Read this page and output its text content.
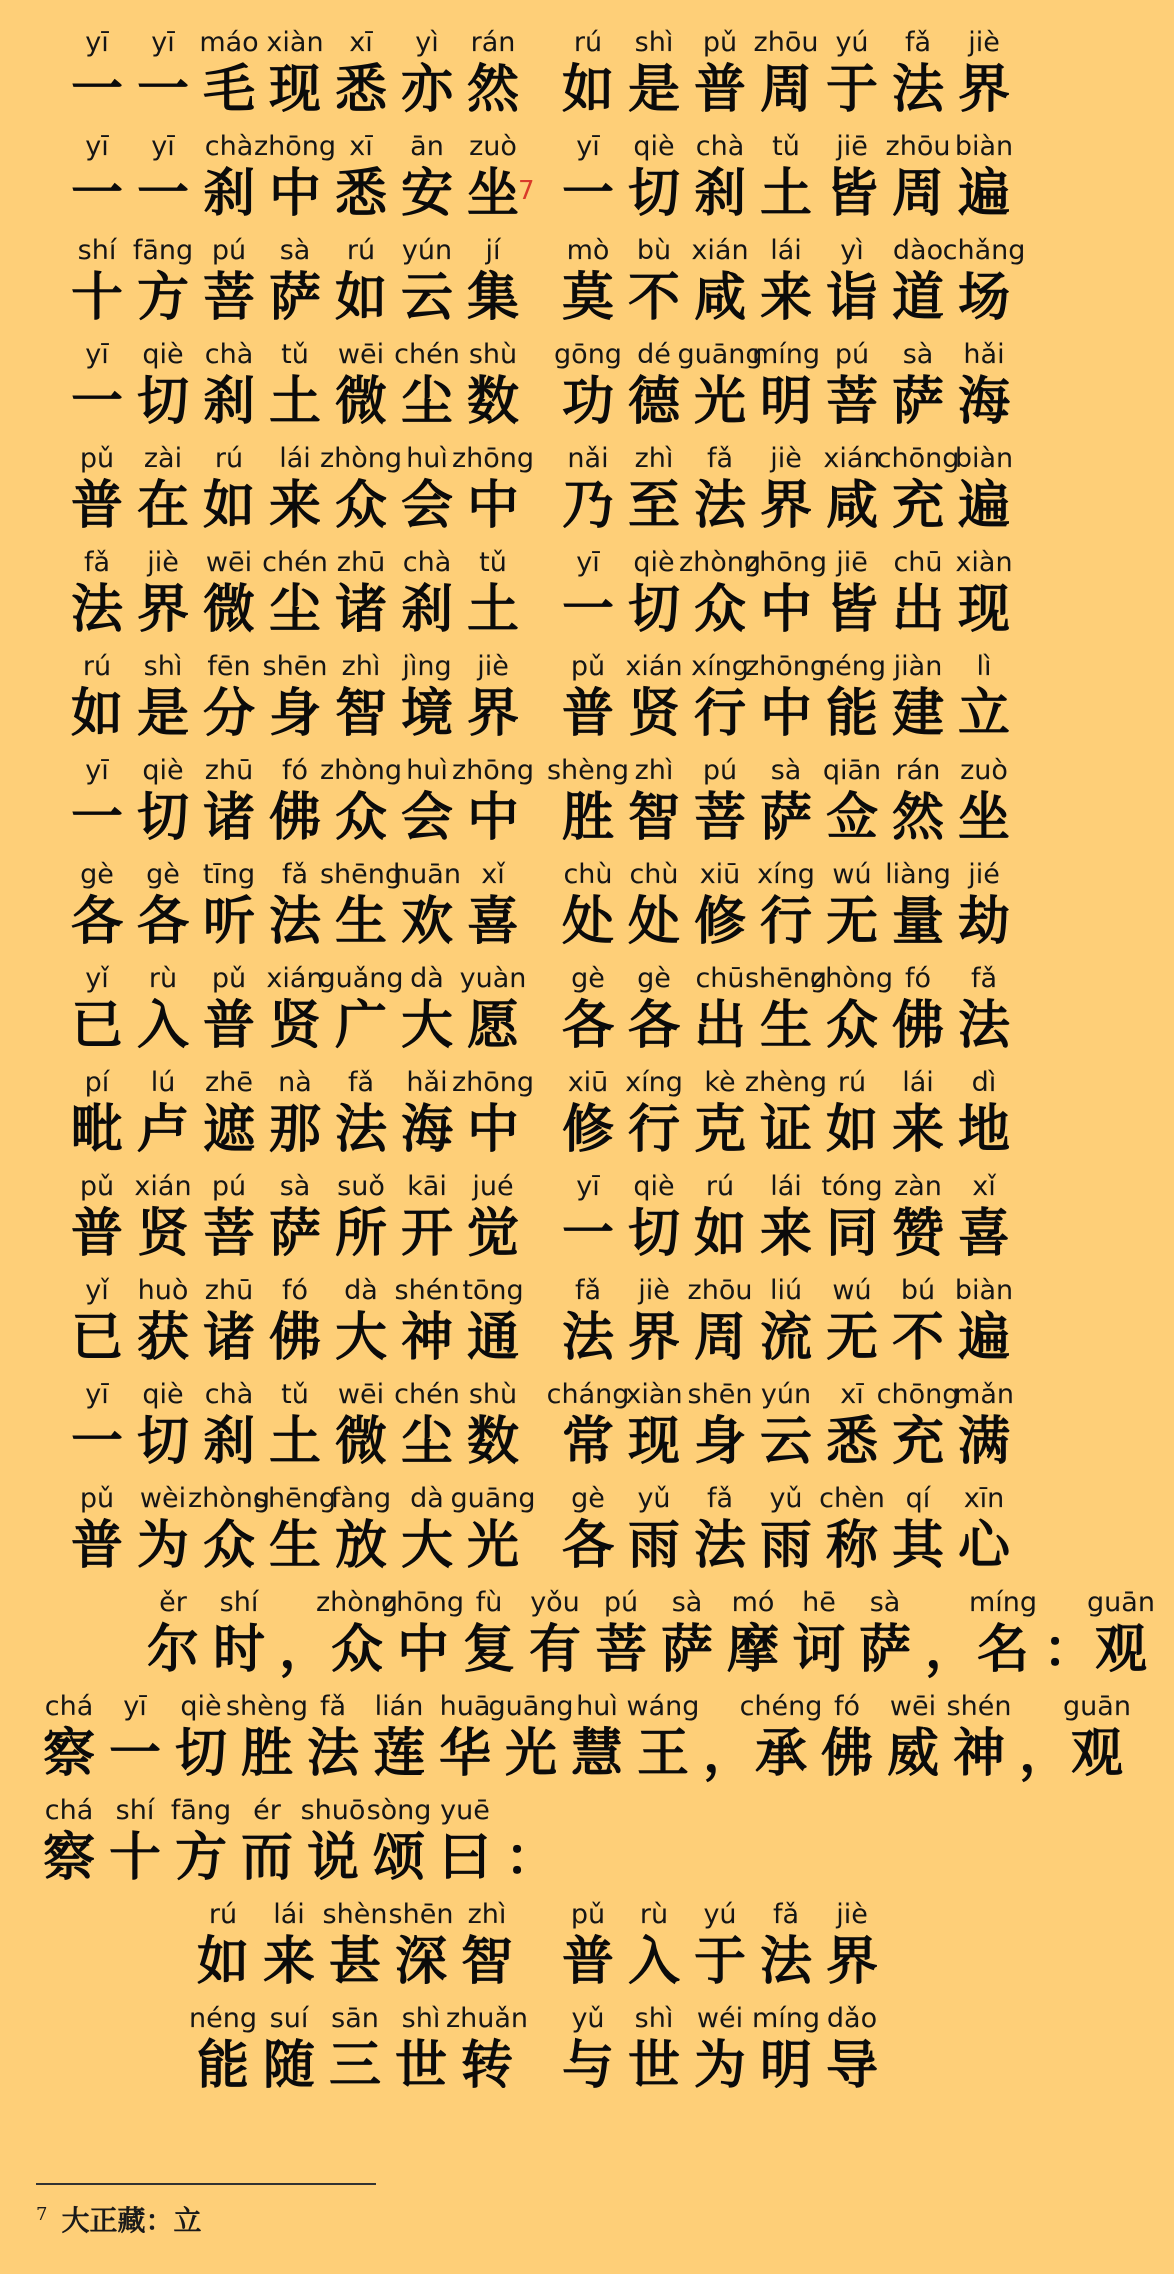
yī
一
yī
一
máo
毛
xiàn
现
xī
悉
yì
亦
rán
然
rú
如
shì
是
pǔ
普
zhōu
周
yú
于
fǎ
法
jiè
界
yī
一
yī
一
chà
刹
zhōng
中
xī
悉
ān
安
zuò
坐
yī
一
qiè
切
chà
刹
tǔ
土
jiē
皆
zhōu
周
biàn
遍
7
shí
十
fāng
方
pú
菩
sà
萨
rú
如
yún
云
jí
集
mò
莫
bù
不
xián
咸
lái
来
yì
诣
dào
道
chǎng
场
yī
一
qiè
切
chà
刹
tǔ
土
wēi
微
chén
尘
shù
数
gōng
功
dé
德
guāng
光
míng
明
pú
菩
sà
萨
hǎi
海
pǔ
普
zài
在
rú
如
lái
来
zhòng
众
huì
会
zhōng
中
nǎi
乃
zhì
至
fǎ
法
jiè
界
xián
咸
chōng
充
biàn
遍
fǎ
法
jiè
界
wēi
微
chén
尘
zhū
诸
chà
刹
tǔ
土
yī
一
qiè
切
zhòng
众
zhōng
中
jiē
皆
chū
出
xiàn
现
rú
如
shì
是
fēn
分
shēn
身
zhì
智
jìng
境
jiè
界
pǔ
普
xián
贤
xíng
行
zhōng
中
néng
能
jiàn
建
lì
立
yī
一
qiè
切
zhū
诸
fó
佛
zhòng
众
huì
会
zhōng
中
shèng
胜
zhì
智
pú
菩
sà
萨
qiān
佥
rán
然
zuò
坐
gè
各
gè
各
tīng
听
fǎ
法
shēng
生
huān
欢
xǐ
喜
chù
处
chù
处
xiū
修
xíng
行
wú
无
liàng
量
jié
劫
yǐ
已
rù
入
pǔ
普
xián
贤
guǎng
广
dà
大
yuàn
愿
gè
各
gè
各
chū
出
shēng
生
zhòng
众
fó
佛
fǎ
法
pí
毗
lú
卢
zhē
遮
nà
那
fǎ
法
hǎi
海
zhōng
中
xiū
修
xíng
行
kè
克
zhèng
证
rú
如
lái
来
dì
地
pǔ
普
xián
贤
pú
菩
sà
萨
suǒ
所
kāi
开
jué
觉
yī
一
qiè
切
rú
如
lái
来
tóng
同
zàn
赞
xǐ
喜
yǐ
已
huò
获
zhū
诸
fó
佛
dà
大
shén
神
tōng
通
fǎ
法
jiè
界
zhōu
周
liú
流
wú
无
bú
不
biàn
遍
yī
一
qiè
切
chà
刹
tǔ
土
wēi
微
chén
尘
shù
数
cháng
常
xiàn
现
shēn
身
yún
云
xī
悉
chōng
充
mǎn
满
pǔ
普
wèi
为
zhòng
众
shēng
生
fàng
放
dà
大
guāng
光
gè
各
yǔ
雨
fǎ
法
yǔ
雨
chèn
称
qí
其
xīn
心
ěr
尔
shí
时 ，
zhòng
众
zhōng
中
fù
复
yǒu
有
pú
菩
sà
萨
mó
摩
hē
诃
sà
萨 ，
míng
名 ：
guān
观
chá
察
yī
一
qiè
切
shèng
胜
fǎ
法
lián
莲
huā
华
guāng
光
huì
慧
wáng
王 ，
chéng
承
fó
佛
wēi
威
shén
神 ，
guān
观
chá
察
shí
十
fāng
方
ér
而
shuō
说
sòng
颂
yuē
曰 ：
rú
如
lái
来
shèn
甚
shēn
深
zhì
智
pǔ
普
rù
入
yú
于
fǎ
法
jiè
界
néng
能
suí
随
sān
三
shì
世
zhuǎn
转
yǔ
与
shì
世
wéi
为
míng
明
dǎo
导
$^7$ 大正藏：立
